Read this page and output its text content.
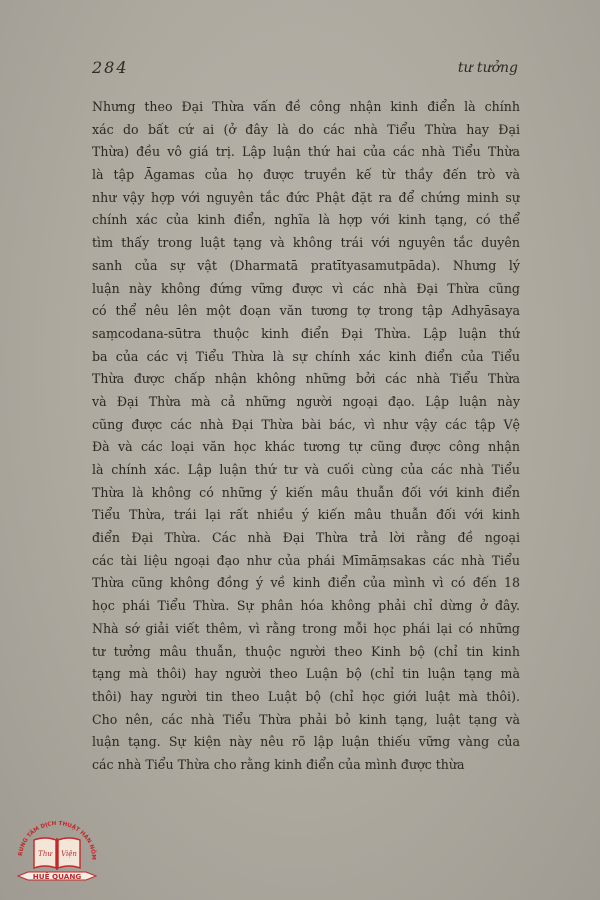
284	tư tưởng
Nhưng theo Đại Thừa vấn đề công nhận kinh điển là chính
xác do bất cứ ai (ở đây là do các nhà Tiểu Thừa hay Đại
Thừa) đều vô giá trị. Lập luận thứ hai của các nhà Tiểu Thừa
là tập Āgamas của họ được truyền kế từ thầy đến trò và
như vậy hợp với nguyên tắc đức Phật đặt ra để chứng minh sự
chính xác của kinh điển, nghĩa là hợp với kinh tạng, có thể
tìm thấy trong luật tạng và không trái với nguyên tắc duyên
sanh của sự vật (Dharmatā pratītyasamutpāda). Nhưng lý
luận này không đứng vững được vì các nhà Đại Thừa cũng
có thể nêu lên một đoạn văn tương tợ trong tập Adhyāsaya
saṃcodana-sūtra thuộc kinh điển Đại Thừa. Lập luận thứ
ba của các vị Tiểu Thừa là sự chính xác kinh điển của Tiểu
Thừa được chấp nhận không những bởi các nhà Tiểu Thừa
và Đại Thừa mà cả những người ngoại đạo. Lập luận này
cũng được các nhà Đại Thừa bài bác, vì như vậy các tập Vệ
Đà và các loại văn học khác tương tự cũng được công nhận
là chính xác. Lập luận thứ tư và cuối cùng của các nhà Tiểu
Thừa là không có những ý kiến mâu thuẫn đối với kinh điển
Tiểu Thừa, trái lại rất nhiều ý kiến mâu thuẫn đối với kinh
điển Đại Thừa. Các nhà Đại Thừa trả lời rằng đề ngoại
các tài liệu ngoại đạo như của phái Mīmāṃsakas các nhà Tiểu
Thừa cũng không đồng ý về kinh điển của mình vì có đến 18
học phái Tiểu Thừa. Sự phân hóa không phải chỉ dừng ở đây.
Nhà sớ giải viết thêm, vì rằng trong mỗi học phái lại có những
tư tưởng mâu thuẫn, thuộc người theo Kinh bộ (chỉ tin kinh
tạng mà thôi) hay người theo Luận bộ (chỉ tin luận tạng mà
thôi) hay người tin theo Luật bộ (chỉ học giới luật mà thôi).
Cho nên, các nhà Tiểu Thừa phải bỏ kinh tạng, luật tạng và
luận tạng. Sự kiện này nêu rõ lập luận thiếu vững vàng của
các nhà Tiểu Thừa cho rằng kinh điển của mình được thừa
RUNG TÂM DỊCH THUẬT HÁN NÔM
Thư Viện
HUỆ QUANG
